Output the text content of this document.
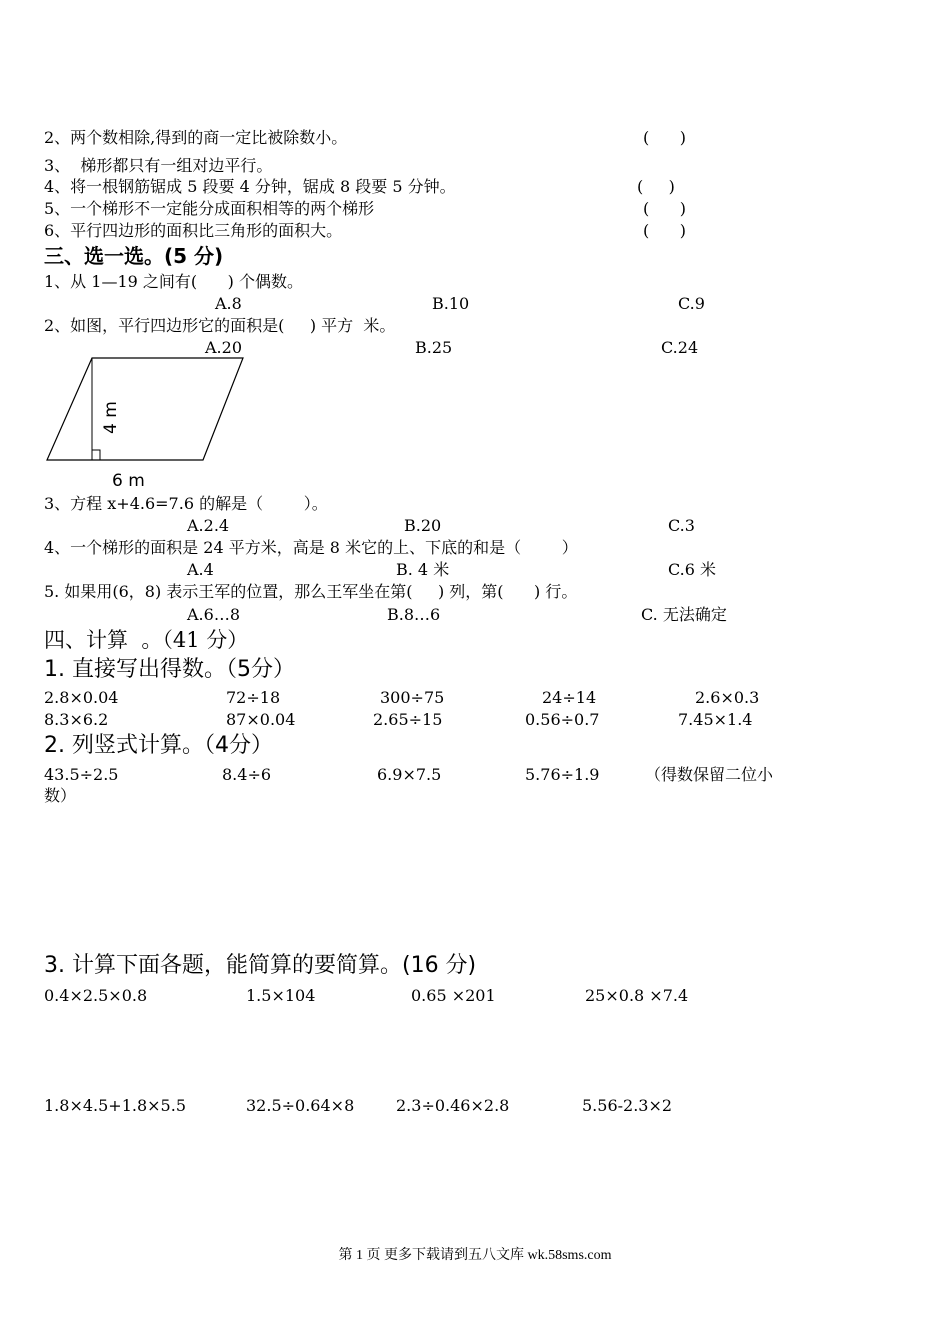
2、两个数相除,得到的商一定比被除数小。	(      )
3、  梯形都只有一组对边平行。
4、将一根钢筋锯成 5 段要 4 分钟，锯成 8 段要 5 分钟。	(     )
5、一个梯形不一定能分成面积相等的两个梯形	(      )
6、平行四边形的面积比三角形的面积大。	(      )
三、选一选。(5 分)
1、从 1—19 之间有(      ) 个偶数。
A.8	B.10	C.9
2、如图，平行四边形它的面积是(     ) 平方  米。
A.20	B.25	C.24
4 m
6 m
3、方程 x+4.6=7.6 的解是（        ）。
A.2.4	B.20	C.3
4、一个梯形的面积是 24 平方米，高是 8 米它的上、下底的和是（        ）
A.4	B. 4 米	C.6 米
5. 如果用(6，8) 表示王军的位置，那么王军坐在第(     ) 列，第(      ) 行。
A.6…8	B.8…6	C. 无法确定
四、计算  。（41 分）
1. 直接写出得数。（5分）
2.8×0.04	72÷18	300÷75	24÷14	2.6×0.3
8.3×6.2	87×0.04	2.65÷15	0.56÷0.7	7.45×1.4
2. 列竖式计算。（4分）
43.5÷2.5	8.4÷6	6.9×7.5	5.76÷1.9	（得数保留二位小
数）
3. 计算下面各题，能简算的要简算。(16 分)
0.4×2.5×0.8	1.5×104	0.65 ×201	25×0.8 ×7.4
1.8×4.5+1.8×5.5	32.5÷0.64×8	2.3÷0.46×2.8	5.56-2.3×2
第 1 页 更多下载请到五八文库 wk.58sms.com
